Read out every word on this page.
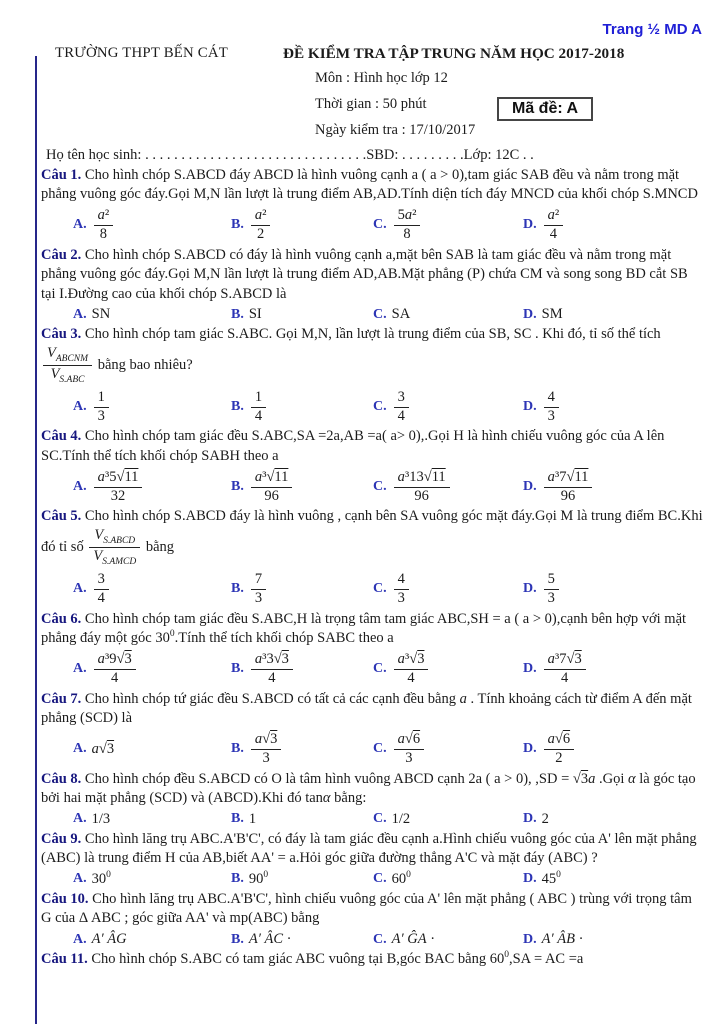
Trang ½ MD A
TRƯỜNG THPT BẾN CÁT	ĐỀ KIỂM TRA TẬP TRUNG NĂM HỌC 2017-2018
Môn : Hình học lớp 12
Thời gian : 50 phút
Ngày kiểm tra : 17/10/2017
Mã đề: A
Họ tên học sinh: . . . . . . . . . . . . . . . . . . . . . . . . . . . . . . .SBD: . . . . . . . . .Lớp: 12C . .

Câu 1. Cho hình chóp S.ABCD đáy ABCD là hình vuông cạnh a ( a > 0),tam giác SAB đều và nằm trong mặt phẳng vuông góc đáy.Gọi M,N lần lượt là trung điểm AB,AD.Tính diện tích đáy MNCD của khối chóp S.MNCD

A. $\frac{\text{a²}}{8}$	B. $\frac{\text{a²}}{2}$	C. $\frac{\text{5a²}}{8}$	D. $\frac{\text{a²}}{4}$

Câu 2. Cho hình chóp S.ABCD có đáy là hình vuông cạnh a,mặt bên SAB là tam giác đều và nằm trong mặt phẳng vuông góc đáy.Gọi M,N lần lượt là trung điểm AD,AB.Mặt phẳng (P) chứa CM và song song BD cắt SB tại I.Đường cao của khối chóp S.ABCD là

A. SN	B. SI	C. SA	D. SM

Câu 3. Cho hình chóp tam giác S.ABC. Gọi M,N, lần lượt là trung điểm của SB, SC . Khi đó, tỉ số thể tích
$\frac{V_{ABCNM}}{V_{S.ABC}}$ bằng bao nhiêu?

A. $\frac{1}{3}$	B. $\frac{1}{4}$	C. $\frac{3}{4}$	D. $\frac{4}{3}$

Câu 4. Cho hình chóp tam giác đều S.ABC,SA =2a,AB =a( a> 0),.Gọi H là hình chiếu vuông góc của A lên SC.Tính thể tích khối chóp SABH theo a

A. $\frac{\text{a³5√11}}{32}$	B. $\frac{\text{a³√11}}{96}$	C. $\frac{\text{a³13√11}}{96}$	D. $\frac{\text{a³7√11}}{96}$

Câu 5. Cho hình chóp S.ABCD đáy là hình vuông , cạnh bên SA vuông góc mặt đáy.Gọi M là trung điểm BC.Khi đó tỉ số $\frac{V_{S.ABCD}}{V_{S.AMCD}}$ bằng

A. $\frac{3}{4}$	B. $\frac{7}{3}$	C. $\frac{4}{3}$	D. $\frac{5}{3}$

Câu 6. Cho hình chóp tam giác đều S.ABC,H là trọng tâm tam giác ABC,SH = a ( a > 0),cạnh bên hợp với mặt phẳng đáy một góc $30^0.Tính$ thể tích khối chóp SABC theo a

A. $\frac{\text{a³9√3}}{4}$	B. $\frac{\text{a³3√3}}{4}$	C. $\frac{\text{a³√3}}{4}$	D. $\frac{\text{a³7√3}}{4}$

Câu 7. Cho hình chóp tứ giác đều S.ABCD có tất cả các cạnh đều bằng a . Tính khoảng cách từ điểm A đến mặt phẳng (SCD) là

A. a√3	B. $\frac{a√3}{3}$	C. $\frac{a√6}{3}$	D. $\frac{a√6}{2}$

Câu 8. Cho hình chóp đều S.ABCD có O là tâm hình vuông ABCD cạnh 2a ( a > 0), ,SD = √3a .Gọi α là góc tạo bởi hai mặt phẳng (SCD) và (ABCD).Khi đó tanα bằng:

A. 1/3	B. 1	C. 1/2	D. 2

Câu 9. Cho hình lăng trụ ABC.A'B'C', có đáy là tam giác đều cạnh a.Hình chiếu vuông góc của A' lên mặt phẳng (ABC) là trung điểm H của AB,biết AA' = a.Hỏi góc giữa đường thẳng A'C và mặt đáy (ABC) ?

A. $30^0$	B. $90^0$	C. $60^0$	D. $45^0$

Câu 10. Cho hình lăng trụ ABC.A'B'C', hình chiếu vuông góc của A' lên mặt phẳng ( ABC ) trùng với trọng tâm G của Δ ABC ; góc giữa AA' và mp(ABC) bằng

A. A′ ÂG	B. A′ ÂC ·	C. A′ ĜA ·	D. A′ ÂB ·

Câu 11. Cho hình chóp S.ABC có tam giác ABC vuông tại B,góc BAC bằng $60^0,SA$ = AC =a
